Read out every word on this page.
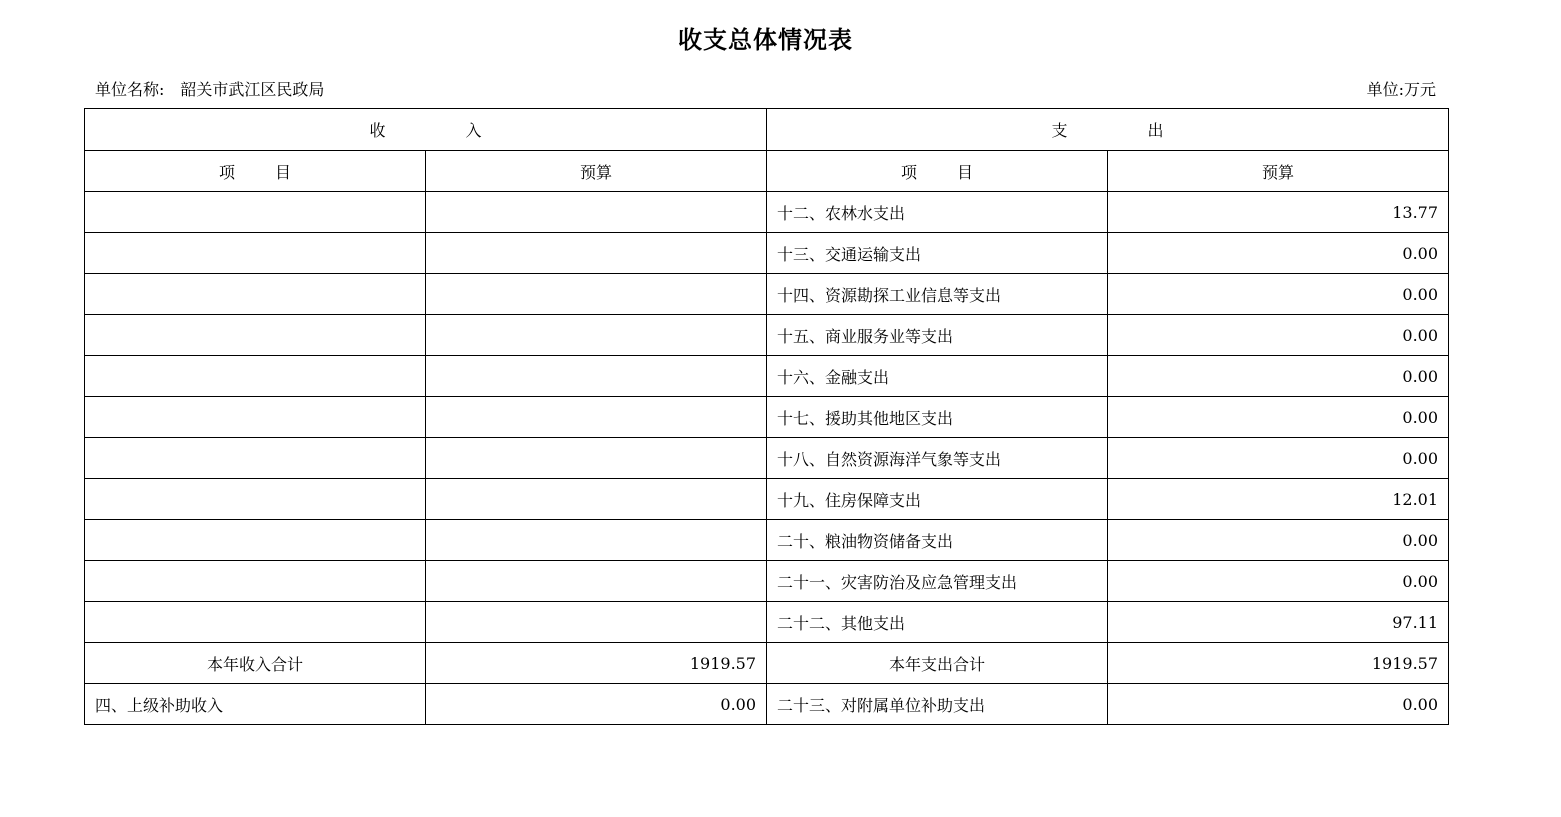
收支总体情况表
单位名称: 韶关市武江区民政局	单位:万元
收入		支出	
项目	预算	项目	预算
		十二、农林水支出	13.77
		十三、交通运输支出	0.00
		十四、资源勘探工业信息等支出	0.00
		十五、商业服务业等支出	0.00
		十六、金融支出	0.00
		十七、援助其他地区支出	0.00
		十八、自然资源海洋气象等支出	0.00
		十九、住房保障支出	12.01
		二十、粮油物资储备支出	0.00
		二十一、灾害防治及应急管理支出	0.00
		二十二、其他支出	97.11
本年收入合计	1919.57	本年支出合计	1919.57
四、上级补助收入	0.00	二十三、对附属单位补助支出	0.00
